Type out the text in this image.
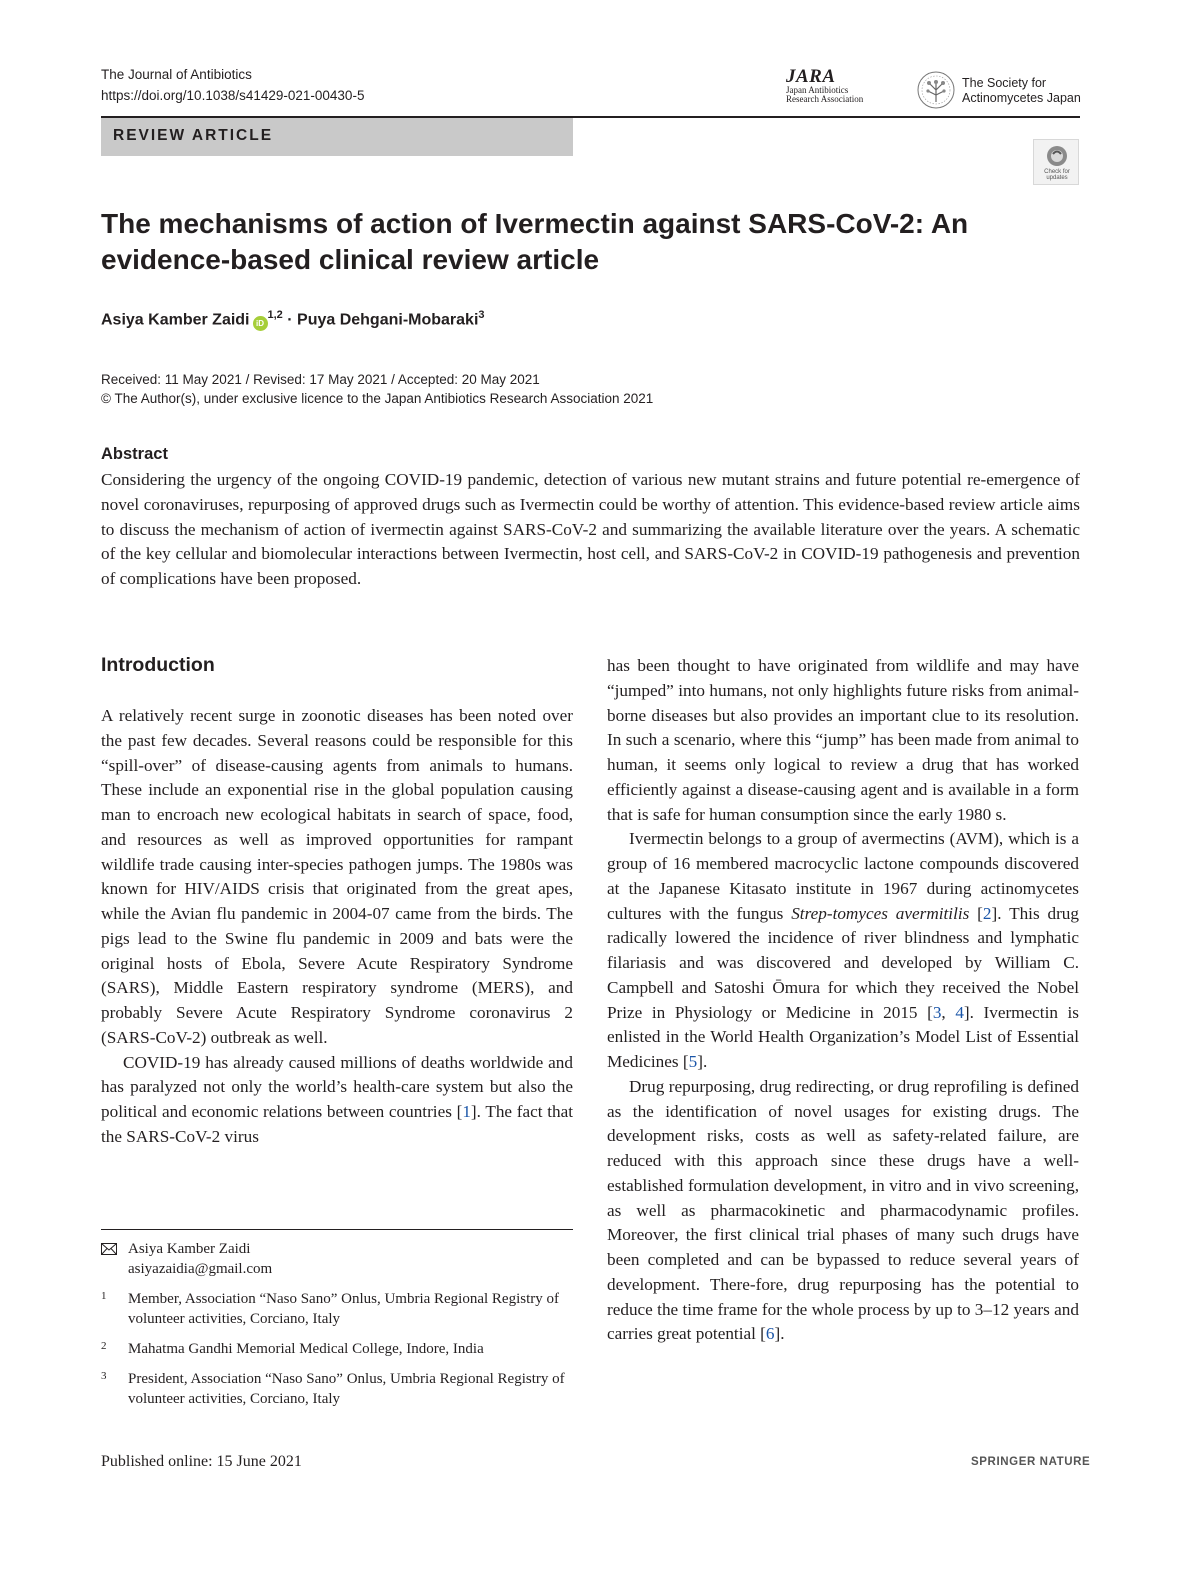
The Journal of Antibiotics
https://doi.org/10.1038/s41429-021-00430-5
JARA
Japan Antibiotics
Research Association
The Society for
Actinomycetes Japan
REVIEW ARTICLE
Check for updates
The mechanisms of action of Ivermectin against SARS-CoV-2: An evidence-based clinical review article
Asiya Kamber Zaidi iD$^{1,2}$ · Puya Dehgani-Mobaraki$^3$
Received: 11 May 2021 / Revised: 17 May 2021 / Accepted: 20 May 2021
© The Author(s), under exclusive licence to the Japan Antibiotics Research Association 2021
Abstract
Considering the urgency of the ongoing COVID-19 pandemic, detection of various new mutant strains and future potential re-emergence of novel coronaviruses, repurposing of approved drugs such as Ivermectin could be worthy of attention. This evidence-based review article aims to discuss the mechanism of action of ivermectin against SARS-CoV-2 and summarizing the available literature over the years. A schematic of the key cellular and biomolecular interactions between Ivermectin, host cell, and SARS-CoV-2 in COVID-19 pathogenesis and prevention of complications have been proposed.
Introduction

A relatively recent surge in zoonotic diseases has been noted over the past few decades. Several reasons could be responsible for this “spill-over” of disease-causing agents from animals to humans. These include an exponential rise in the global population causing man to encroach new ecological habitats in search of space, food, and resources as well as improved opportunities for rampant wildlife trade causing inter-species pathogen jumps. The 1980s was known for HIV/AIDS crisis that originated from the great apes, while the Avian flu pandemic in 2004-07 came from the birds. The pigs lead to the Swine flu pandemic in 2009 and bats were the original hosts of Ebola, Severe Acute Respiratory Syndrome (SARS), Middle Eastern respiratory syndrome (MERS), and probably Severe Acute Respiratory Syndrome coronavirus 2 (SARS-CoV-2) outbreak as well.

COVID-19 has already caused millions of deaths worldwide and has paralyzed not only the world’s health-care system but also the political and economic relations between countries [1]. The fact that the SARS-CoV-2 virus

has been thought to have originated from wildlife and may have “jumped” into humans, not only highlights future risks from animal-borne diseases but also provides an important clue to its resolution. In such a scenario, where this “jump” has been made from animal to human, it seems only logical to review a drug that has worked efficiently against a disease-causing agent and is available in a form that is safe for human consumption since the early 1980 s.

Ivermectin belongs to a group of avermectins (AVM), which is a group of 16 membered macrocyclic lactone compounds discovered at the Japanese Kitasato institute in 1967 during actinomycetes cultures with the fungus Strep-tomyces avermitilis [2]. This drug radically lowered the incidence of river blindness and lymphatic filariasis and was discovered and developed by William C. Campbell and Satoshi Ōmura for which they received the Nobel Prize in Physiology or Medicine in 2015 [3, 4]. Ivermectin is enlisted in the World Health Organization’s Model List of Essential Medicines [5].

Drug repurposing, drug redirecting, or drug reprofiling is defined as the identification of novel usages for existing drugs. The development risks, costs as well as safety-related failure, are reduced with this approach since these drugs have a well-established formulation development, in vitro and in vivo screening, as well as pharmacokinetic and pharmacodynamic profiles. Moreover, the first clinical trial phases of many such drugs have been completed and can be bypassed to reduce several years of development. There-fore, drug repurposing has the potential to reduce the time frame for the whole process by up to 3–12 years and carries great potential [6].

Asiya Kamber Zaidi
asiyazaidia@gmail.com
1 Member, Association “Naso Sano” Onlus, Umbria Regional Registry of volunteer activities, Corciano, Italy
2 Mahatma Gandhi Memorial Medical College, Indore, India
3 President, Association “Naso Sano” Onlus, Umbria Regional Registry of volunteer activities, Corciano, Italy
Published online: 15 June 2021	SPRINGER NATURE
